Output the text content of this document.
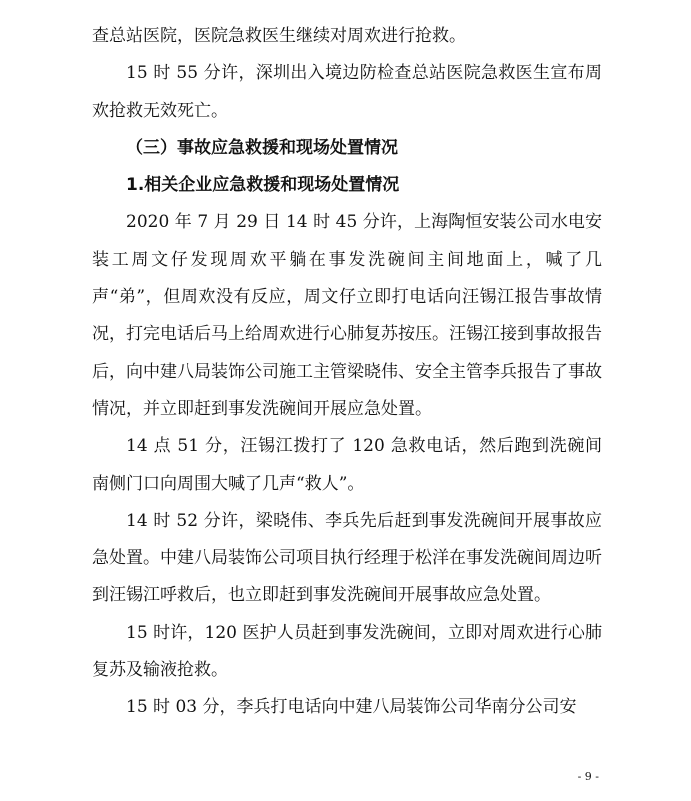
查总站医院，医院急救医生继续对周欢进行抢救。

15 时 55 分许，深圳出入境边防检查总站医院急救医生宣布周欢抢救无效死亡。

（三）事故应急救援和现场处置情况

1.相关企业应急救援和现场处置情况

2020 年 7 月 29 日 14 时 45 分许，上海陶恒安装公司水电安装工周文仔发现周欢平躺在事发洗碗间主间地面上，喊了几声“弟”，但周欢没有反应，周文仔立即打电话向汪锡江报告事故情况，打完电话后马上给周欢进行心肺复苏按压。汪锡江接到事故报告后，向中建八局装饰公司施工主管梁晓伟、安全主管李兵报告了事故情况，并立即赶到事发洗碗间开展应急处置。

14 点 51 分，汪锡江拨打了 120 急救电话，然后跑到洗碗间南侧门口向周围大喊了几声“救人”。

14 时 52 分许，梁晓伟、李兵先后赶到事发洗碗间开展事故应急处置。中建八局装饰公司项目执行经理于松洋在事发洗碗间周边听到汪锡江呼救后，也立即赶到事发洗碗间开展事故应急处置。

15 时许，120 医护人员赶到事发洗碗间，立即对周欢进行心肺复苏及输液抢救。

15 时 03 分，李兵打电话向中建八局装饰公司华南分公司安

- 9 -
